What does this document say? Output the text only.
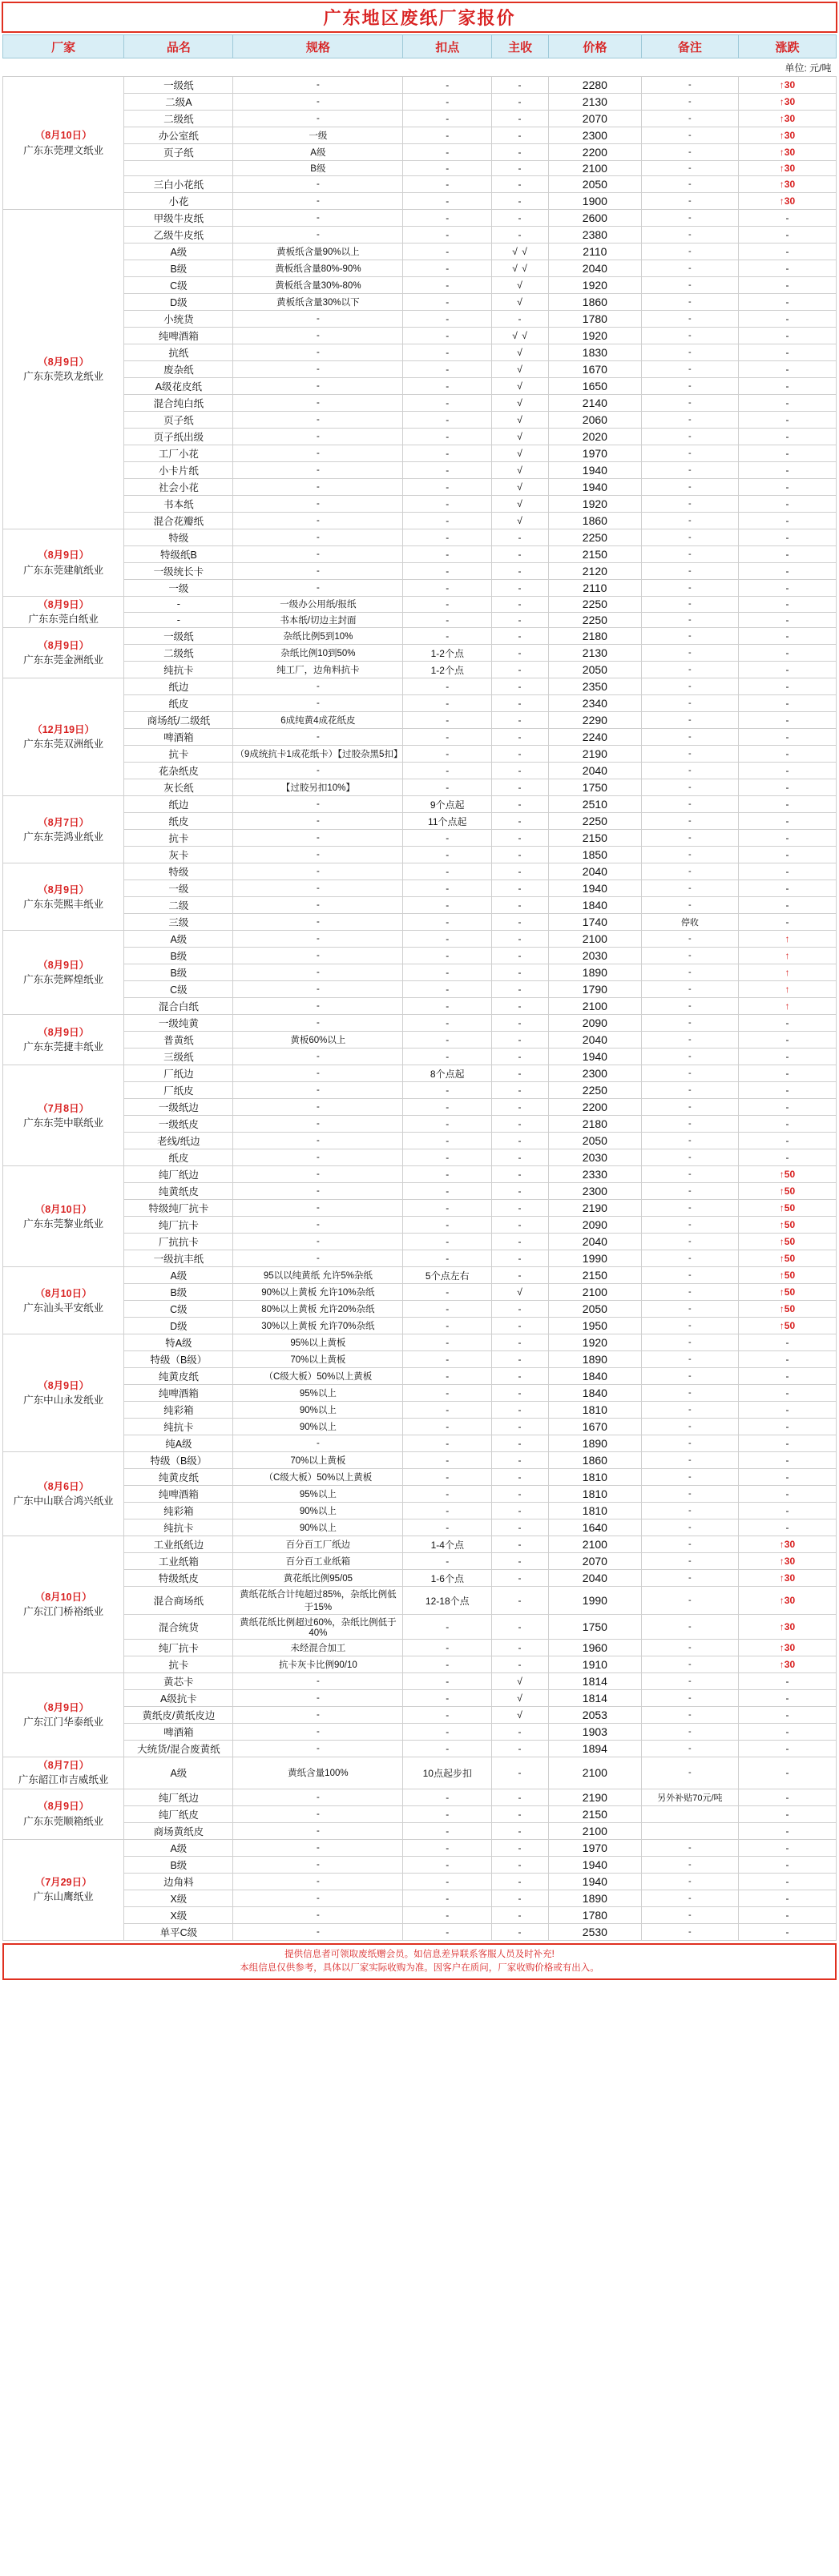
广东地区废纸厂家报价
厂家	品名	规格	扣点	主收	价格	备注	涨跌
单位: 元/吨							

（8月10日）
广东东莞理文纸业	一级纸	-	-	-	2280	-	↑30
	二级A	-	-	-	2130	-	↑30
	二级纸	-	-	-	2070	-	↑30
	办公室纸	一级	-	-	2300	-	↑30
	页子纸	A级	-	-	2200	-	↑30
		B级	-	-	2100	-	↑30
	三白小花纸	-	-	-	2050	-	↑30
	小花	-	-	-	1900	-	↑30

（8月9日）
广东东莞玖龙纸业	甲级牛皮纸	-	-	-	2600	-	-
	乙级牛皮纸	-	-	-	2380	-	-
	A级	黄板纸含量90%以上	-	√ √	2110	-	-
	B级	黄板纸含量80%-90%	-	√ √	2040	-	-
	C级	黄板纸含量30%-80%	-	√	1920	-	-
	D级	黄板纸含量30%以下	-	√	1860	-	-
	小统货	-	-	-	1780	-	-
	纯啤酒箱	-	-	√ √	1920	-	-
	抗纸	-	-	√	1830	-	-
	废杂纸	-	-	√	1670	-	-
	A级花皮纸	-	-	√	1650	-	-
	混合纯白纸	-	-	√	2140	-	-
	页子纸	-	-	√	2060	-	-
	页子纸出级	-	-	√	2020	-	-
	工厂小花	-	-	√	1970	-	-
	小卡片纸	-	-	√	1940	-	-
	社会小花	-	-	√	1940	-	-
	书本纸	-	-	√	1920	-	-
	混合花瓣纸	-	-	√	1860	-	-

（8月9日）
广东东莞建航纸业	特级	-	-	-	2250	-	-
	特级纸B	-	-	-	2150	-	-
	一级统长卡	-	-	-	2120	-	-
	一级	-	-	-	2110	-	-

（8月9日）
广东东莞白纸业	-	一级办公用纸/报纸	-	-	2250	-	-
	-	书本纸/切边主封面	-	-	2250	-	-

（8月9日）
广东东莞金洲纸业	一级纸	杂纸比例5到10%	-	-	2180	-	-
	二级纸	杂纸比例10到50%	1-2个点	-	2130	-	-
	纯抗卡	纯工厂，边角料抗卡	1-2个点	-	2050	-	-

（12月19日）
广东东莞双洲纸业	纸边	-	-	-	2350	-	-
	纸皮	-	-	-	2340	-	-
	商场纸/二级纸	6成纯黄4成花纸皮	-	-	2290	-	-
	啤酒箱	-	-	-	2240	-	-
	抗卡	（9成统抗卡1成花纸卡）【过胶杂黑5扣】	-	-	2190	-	-
	花杂纸皮	-	-	-	2040	-	-
	灰长纸	【过胶另扣10%】	-	-	1750	-	-

（8月7日）
广东东莞鸿业纸业	纸边	-	9个点起	-	2510	-	-
	纸皮	-	11个点起	-	2250	-	-
	抗卡	-	-	-	2150	-	-
	灰卡	-	-	-	1850	-	-

（8月9日）
广东东莞熙丰纸业	特级	-	-	-	2040	-	-
	一级	-	-	-	1940	-	-
	二级	-	-	-	1840	-	-
	三级	-	-	-	1740	停收	-

（8月9日）
广东东莞辉煌纸业	A级	-	-	-	2100	-	↑
	B级	-	-	-	2030	-	↑
	B级	-	-	-	1890	-	↑
	C级	-	-	-	1790	-	↑
	混合白纸	-	-	-	2100	-	↑

（8月9日）
广东东莞捷丰纸业	一级纯黄	-	-	-	2090	-	-
	普黄纸	黄板60%以上	-	-	2040	-	-
	三级纸	-	-	-	1940	-	-

（7月8日）
广东东莞中联纸业	厂纸边	-	8个点起	-	2300	-	-
	厂纸皮	-	-	-	2250	-	-
	一级纸边	-	-	-	2200	-	-
	一级纸皮	-	-	-	2180	-	-
	老线/纸边	-	-	-	2050	-	-
	纸皮	-	-	-	2030	-	-

（8月10日）
广东东莞黎业纸业	纯厂纸边	-	-	-	2330	-	↑50
	纯黄纸皮	-	-	-	2300	-	↑50
	特级纯厂抗卡	-	-	-	2190	-	↑50
	纯厂抗卡	-	-	-	2090	-	↑50
	厂抗抗卡	-	-	-	2040	-	↑50
	一级抗丰纸	-	-	-	1990	-	↑50

（8月10日）
广东汕头平安纸业	A级	95以以纯黄纸 允许5%杂纸	5个点左右	-	2150	-	↑50
	B级	90%以上黄板 允许10%杂纸	-	√	2100	-	↑50
	C级	80%以上黄板 允许20%杂纸	-	-	2050	-	↑50
	D级	30%以上黄板 允许70%杂纸	-	-	1950	-	↑50

（8月9日）
广东中山永发纸业	特A级	95%以上黄板	-	-	1920	-	-
	特级（B级）	70%以上黄板	-	-	1890	-	-
	纯黄皮纸	（C级大板）50%以上黄板	-	-	1840	-	-
	纯啤酒箱	95%以上	-	-	1840	-	-
	纯彩箱	90%以上	-	-	1810	-	-
	纯抗卡	90%以上	-	-	1670	-	-
	纯A级	-	-	-	1890	-	-

（8月6日）
广东中山联合鸿兴纸业	特级（B级）	70%以上黄板	-	-	1860	-	-
	纯黄皮纸	（C级大板）50%以上黄板	-	-	1810	-	-
	纯啤酒箱	95%以上	-	-	1810	-	-
	纯彩箱	90%以上	-	-	1810	-	-
	纯抗卡	90%以上	-	-	1640	-	-

（8月10日）
广东江门桥裕纸业	工业纸纸边	百分百工厂纸边	1-4个点	-	2100	-	↑30
	工业纸箱	百分百工业纸箱	-	-	2070	-	↑30
	特级纸皮	黄花纸比例95/05	1-6个点	-	2040	-	↑30
	混合商场纸	黄纸花纸合计纯超过85%，杂纸比例低于15%	12-18个点	-	1990	-	↑30
	混合统货	黄纸花纸比例超过60%，杂纸比例低于40%	-	-	1750	-	↑30
	纯厂抗卡	未经混合加工	-	-	1960	-	↑30
	抗卡	抗卡灰卡比例90/10	-	-	1910	-	↑30

（8月9日）
广东江门华泰纸业	黄芯卡	-	-	√	1814	-	-
	A级抗卡	-	-	√	1814	-	-
	黄纸皮/黄纸皮边	-	-	√	2053	-	-
	啤酒箱	-	-	-	1903	-	-
	大统货/混合废黄纸	-	-	-	1894	-	-

（8月7日）
广东韶江市吉威纸业	A级	黄纸含量100%	10点起步扣	-	2100	-	-

（8月9日）
广东东莞顺箱纸业	纯厂纸边	-	-	-	2190	另外补贴70元/吨	-
	纯厂纸皮	-	-	-	2150		-
	商场黄纸皮	-	-	-	2100		-

（7月29日）
广东山鹰纸业	A级	-	-	-	1970	-	-
	B级	-	-	-	1940	-	-
	边角料	-	-	-	1940	-	-
	X级	-	-	-	1890	-	-
	X级	-	-	-	1780	-	-
	单平C级	-	-	-	2530	-	-
提供信息者可领取废纸赠会员。如信息差异联系客服人员及时补充!
本组信息仅供参考，具体以厂家实际收购为准。因客户在质问，厂家收购价格或有出入。
